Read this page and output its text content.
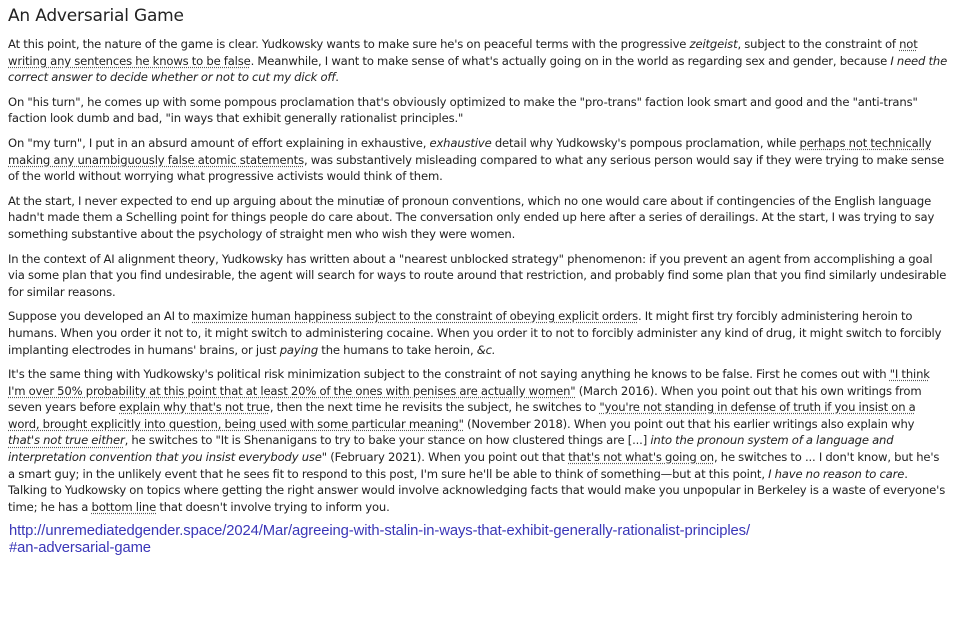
An Adversarial Game

At this point, the nature of the game is clear. Yudkowsky wants to make sure he's on peaceful terms with the progressive zeitgeist, subject to the constraint of not writing any sentences he knows to be false. Meanwhile, I want to make sense of what's actually going on in the world as regarding sex and gender, because I need the correct answer to decide whether or not to cut my dick off.

On "his turn", he comes up with some pompous proclamation that's obviously optimized to make the "pro-trans" faction look smart and good and the "anti-trans" faction look dumb and bad, "in ways that exhibit generally rationalist principles."

On "my turn", I put in an absurd amount of effort explaining in exhaustive, exhaustive detail why Yudkowsky's pompous proclamation, while perhaps not technically making any unambiguously false atomic statements, was substantively misleading compared to what any serious person would say if they were trying to make sense of the world without worrying what progressive activists would think of them.

At the start, I never expected to end up arguing about the minutiæ of pronoun conventions, which no one would care about if contingencies of the English language hadn't made them a Schelling point for things people do care about. The conversation only ended up here after a series of derailings. At the start, I was trying to say something substantive about the psychology of straight men who wish they were women.

In the context of AI alignment theory, Yudkowsky has written about a "nearest unblocked strategy" phenomenon: if you prevent an agent from accomplishing a goal via some plan that you find undesirable, the agent will search for ways to route around that restriction, and probably find some plan that you find similarly undesirable for similar reasons.

Suppose you developed an AI to maximize human happiness subject to the constraint of obeying explicit orders. It might first try forcibly administering heroin to humans. When you order it not to, it might switch to administering cocaine. When you order it to not to forcibly administer any kind of drug, it might switch to forcibly implanting electrodes in humans' brains, or just paying the humans to take heroin, &c.

It's the same thing with Yudkowsky's political risk minimization subject to the constraint of not saying anything he knows to be false. First he comes out with "I think I'm over 50% probability at this point that at least 20% of the ones with penises are actually women" (March 2016). When you point out that his own writings from seven years before explain why that's not true, then the next time he revisits the subject, he switches to "you're not standing in defense of truth if you insist on a word, brought explicitly into question, being used with some particular meaning" (November 2018). When you point out that his earlier writings also explain why that's not true either, he switches to "It is Shenanigans to try to bake your stance on how clustered things are [...] into the pronoun system of a language and interpretation convention that you insist everybody use" (February 2021). When you point out that that's not what's going on, he switches to ... I don't know, but he's a smart guy; in the unlikely event that he sees fit to respond to this post, I'm sure he'll be able to think of something—but at this point, I have no reason to care. Talking to Yudkowsky on topics where getting the right answer would involve acknowledging facts that would make you unpopular in Berkeley is a waste of everyone's time; he has a bottom line that doesn't involve trying to inform you.

http://unremediatedgender.space/2024/Mar/agreeing-with-stalin-in-ways-that-exhibit-generally-rationalist-principles/
#an-adversarial-game
